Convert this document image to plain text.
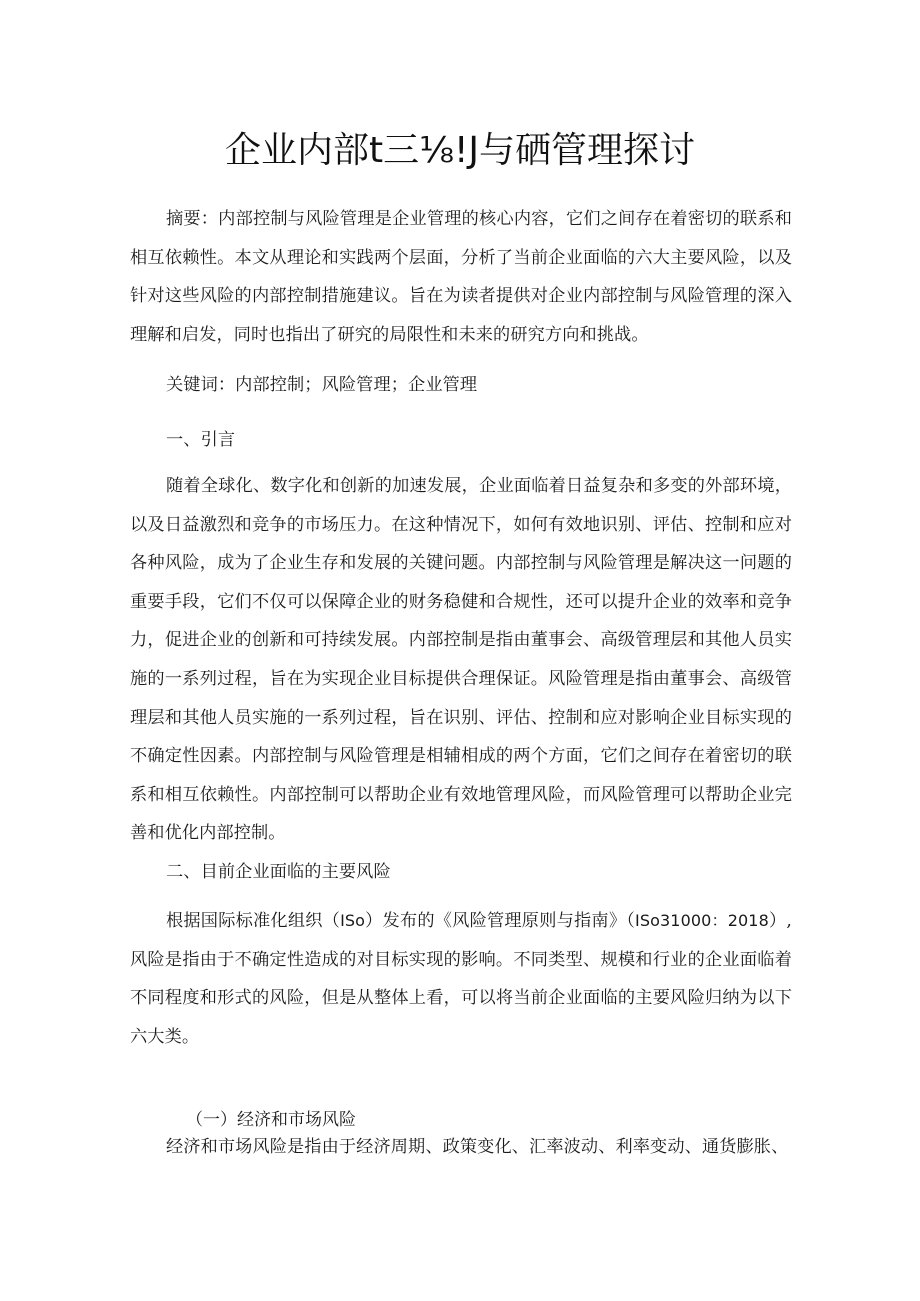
企业内部t三⅛!J与硒管理探讨
摘要：内部控制与风险管理是企业管理的核心内容，它们之间存在着密切的联系和相互依赖性。本文从理论和实践两个层面，分析了当前企业面临的六大主要风险，以及针对这些风险的内部控制措施建议。旨在为读者提供对企业内部控制与风险管理的深入理解和启发，同时也指出了研究的局限性和未来的研究方向和挑战。
关键词：内部控制；风险管理；企业管理
一、引言
随着全球化、数字化和创新的加速发展，企业面临着日益复杂和多变的外部环境，以及日益激烈和竞争的市场压力。在这种情况下，如何有效地识别、评估、控制和应对各种风险，成为了企业生存和发展的关键问题。内部控制与风险管理是解决这一问题的重要手段，它们不仅可以保障企业的财务稳健和合规性，还可以提升企业的效率和竞争力，促进企业的创新和可持续发展。内部控制是指由董事会、高级管理层和其他人员实施的一系列过程，旨在为实现企业目标提供合理保证。风险管理是指由董事会、高级管理层和其他人员实施的一系列过程，旨在识别、评估、控制和应对影响企业目标实现的不确定性因素。内部控制与风险管理是相辅相成的两个方面，它们之间存在着密切的联系和相互依赖性。内部控制可以帮助企业有效地管理风险，而风险管理可以帮助企业完善和优化内部控制。
二、目前企业面临的主要风险
根据国际标准化组织（ISo）发布的《风险管理原则与指南》（ISo31000：2018）,风险是指由于不确定性造成的对目标实现的影响。不同类型、规模和行业的企业面临着不同程度和形式的风险，但是从整体上看，可以将当前企业面临的主要风险归纳为以下六大类。
（一）经济和市场风险
经济和市场风险是指由于经济周期、政策变化、汇率波动、利率变动、通货膨胀、
